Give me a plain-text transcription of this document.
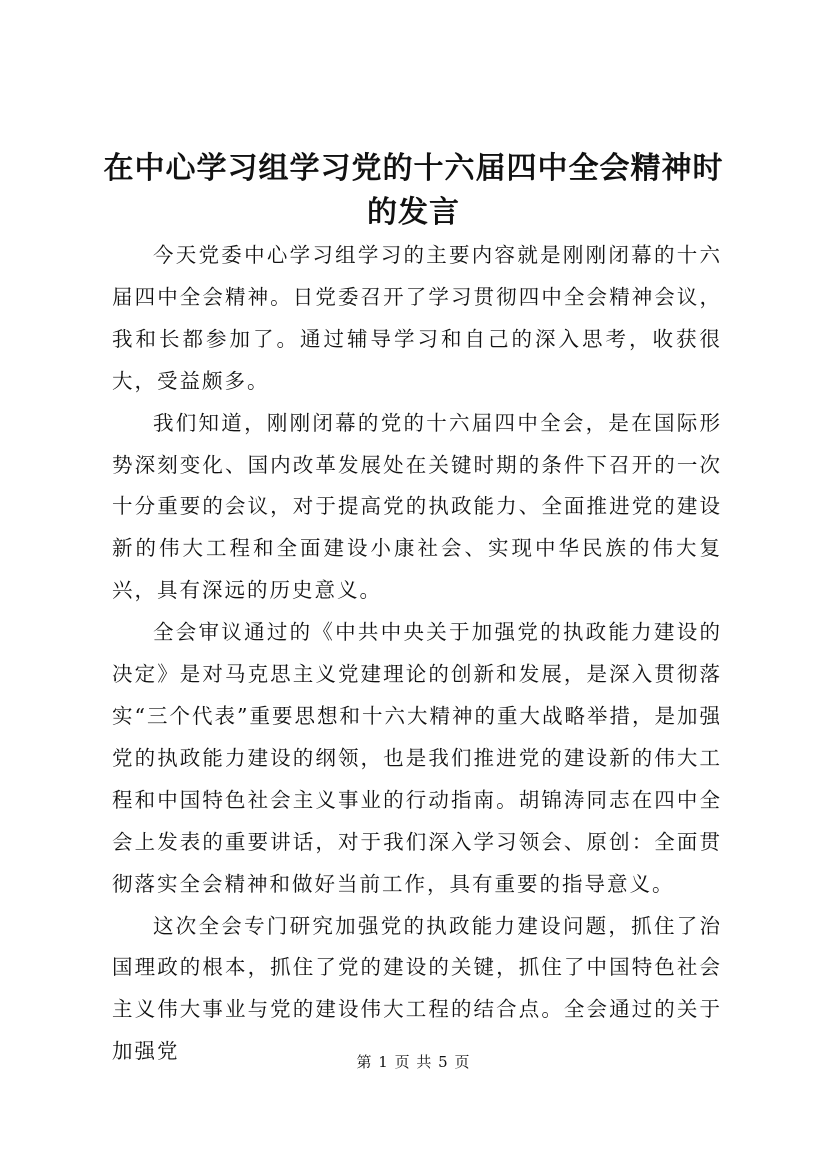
在中心学习组学习党的十六届四中全会精神时的发言

今天党委中心学习组学习的主要内容就是刚刚闭幕的十六届四中全会精神。日党委召开了学习贯彻四中全会精神会议，我和长都参加了。通过辅导学习和自己的深入思考，收获很大，受益颇多。

我们知道，刚刚闭幕的党的十六届四中全会，是在国际形势深刻变化、国内改革发展处在关键时期的条件下召开的一次十分重要的会议，对于提高党的执政能力、全面推进党的建设新的伟大工程和全面建设小康社会、实现中华民族的伟大复兴，具有深远的历史意义。

全会审议通过的《中共中央关于加强党的执政能力建设的决定》是对马克思主义党建理论的创新和发展，是深入贯彻落实“三个代表”重要思想和十六大精神的重大战略举措，是加强党的执政能力建设的纲领，也是我们推进党的建设新的伟大工程和中国特色社会主义事业的行动指南。胡锦涛同志在四中全会上发表的重要讲话，对于我们深入学习领会、原创：全面贯彻落实全会精神和做好当前工作，具有重要的指导意义。

这次全会专门研究加强党的执政能力建设问题，抓住了治国理政的根本，抓住了党的建设的关键，抓住了中国特色社会主义伟大事业与党的建设伟大工程的结合点。全会通过的关于加强党	第 1 页 共 5 页
